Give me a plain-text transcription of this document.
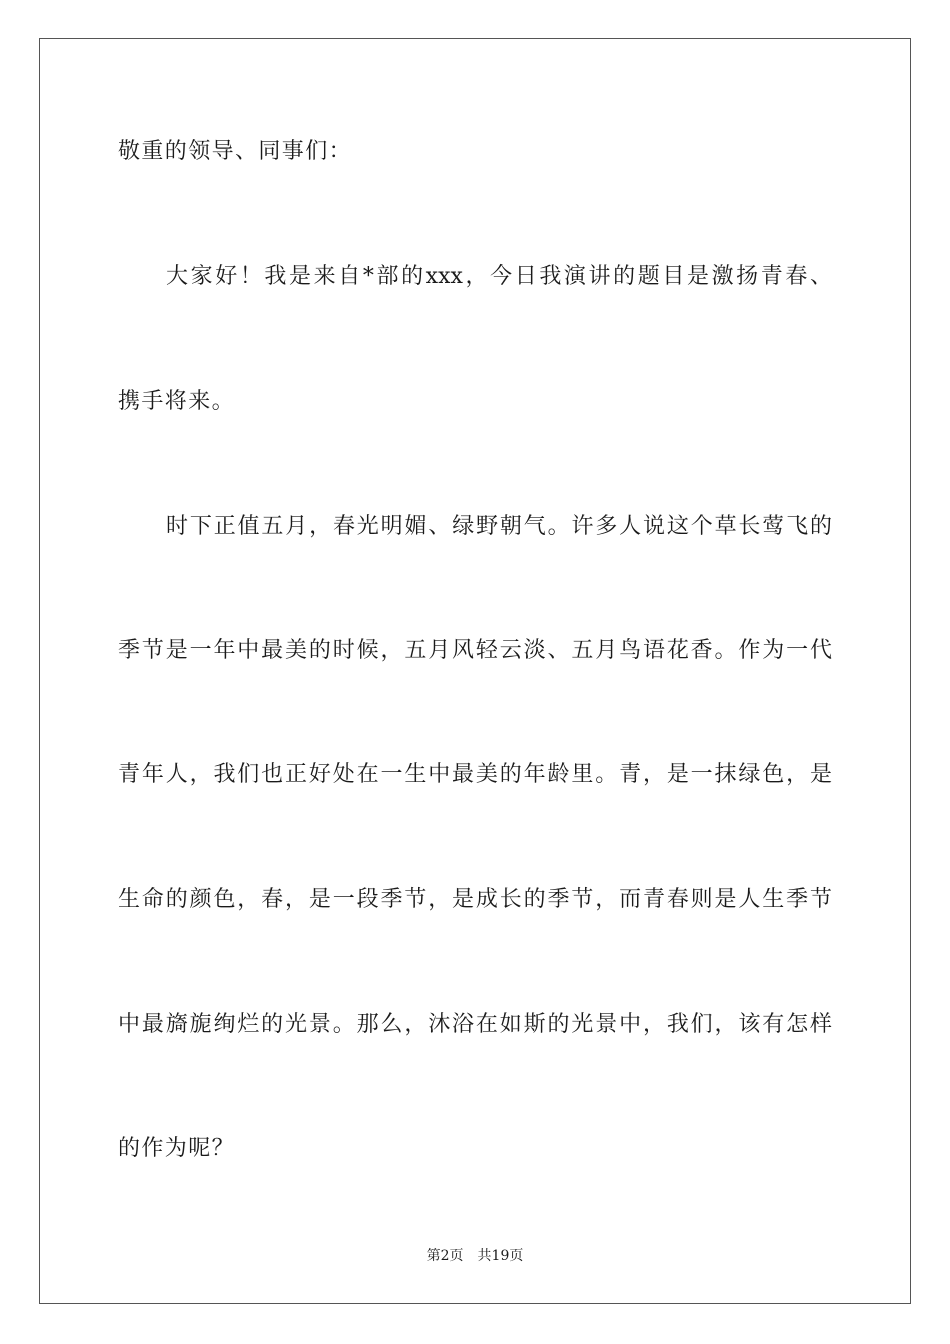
敬重的领导、同事们：
大家好！我是来自*部的xxx，今日我演讲的题目是激扬青春、
携手将来。
时下正值五月，春光明媚、绿野朝气。许多人说这个草长莺飞的
季节是一年中最美的时候，五月风轻云淡、五月鸟语花香。作为一代
青年人，我们也正好处在一生中最美的年龄里。青，是一抹绿色，是
生命的颜色，春，是一段季节，是成长的季节，而青春则是人生季节
中最旖旎绚烂的光景。那么，沐浴在如斯的光景中，我们，该有怎样
的作为呢？
第2页 共19页
